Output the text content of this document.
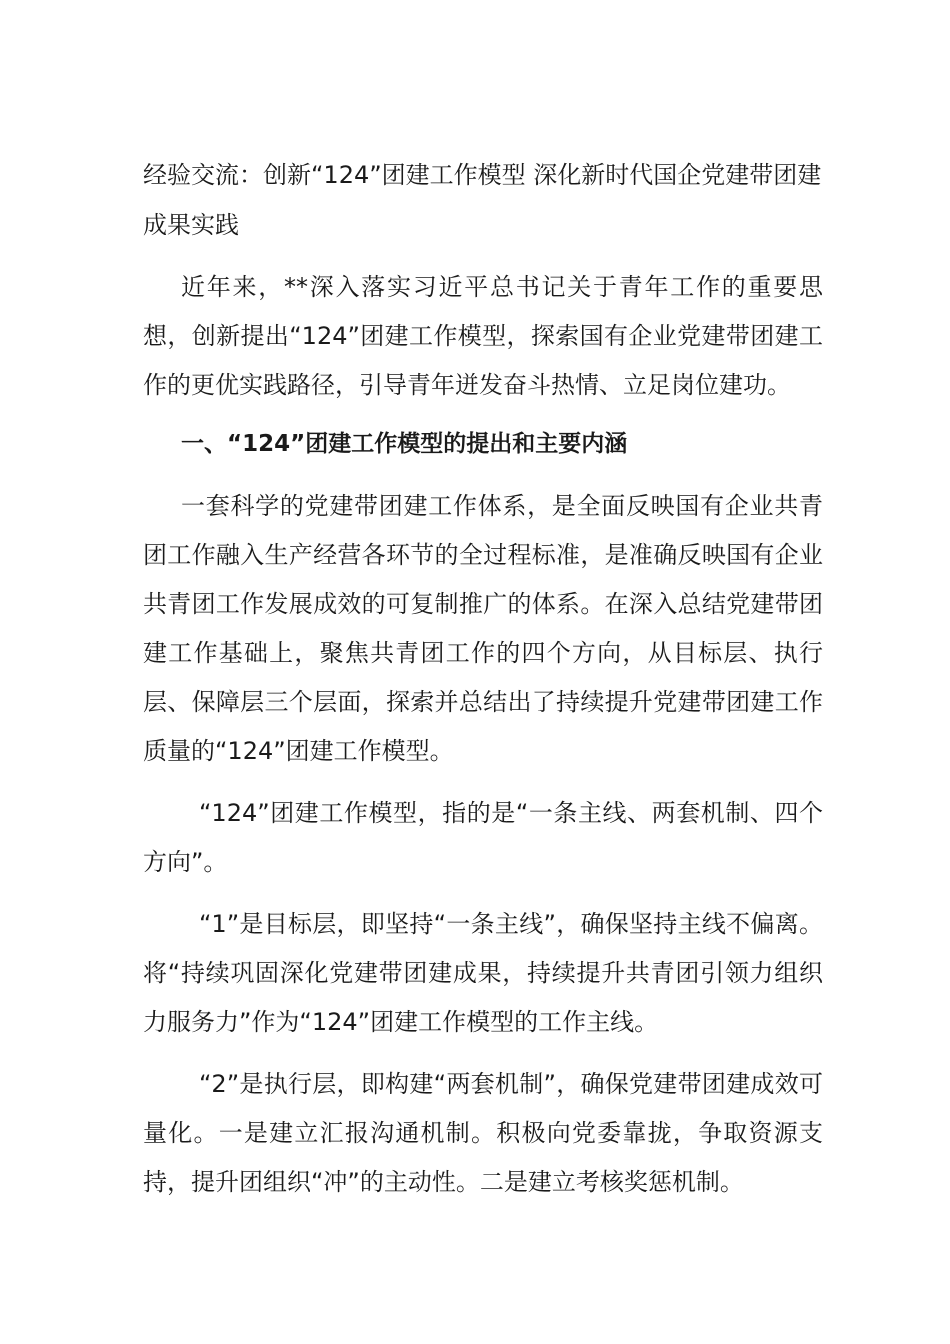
经验交流：创新“124”团建工作模型 深化新时代国企党建带团建成果实践

近年来，**深入落实习近平总书记关于青年工作的重要思想，创新提出“124”团建工作模型，探索国有企业党建带团建工作的更优实践路径，引导青年迸发奋斗热情、立足岗位建功。

一、“124”团建工作模型的提出和主要内涵

一套科学的党建带团建工作体系，是全面反映国有企业共青团工作融入生产经营各环节的全过程标准，是准确反映国有企业共青团工作发展成效的可复制推广的体系。在深入总结党建带团建工作基础上，聚焦共青团工作的四个方向，从目标层、执行层、保障层三个层面，探索并总结出了持续提升党建带团建工作质量的“124”团建工作模型。

“124”团建工作模型，指的是“一条主线、两套机制、四个方向”。

“1”是目标层，即坚持“一条主线”，确保坚持主线不偏离。将“持续巩固深化党建带团建成果，持续提升共青团引领力组织力服务力”作为“124”团建工作模型的工作主线。

“2”是执行层，即构建“两套机制”，确保党建带团建成效可量化。一是建立汇报沟通机制。积极向党委靠拢，争取资源支持，提升团组织“冲”的主动性。二是建立考核奖惩机制。
